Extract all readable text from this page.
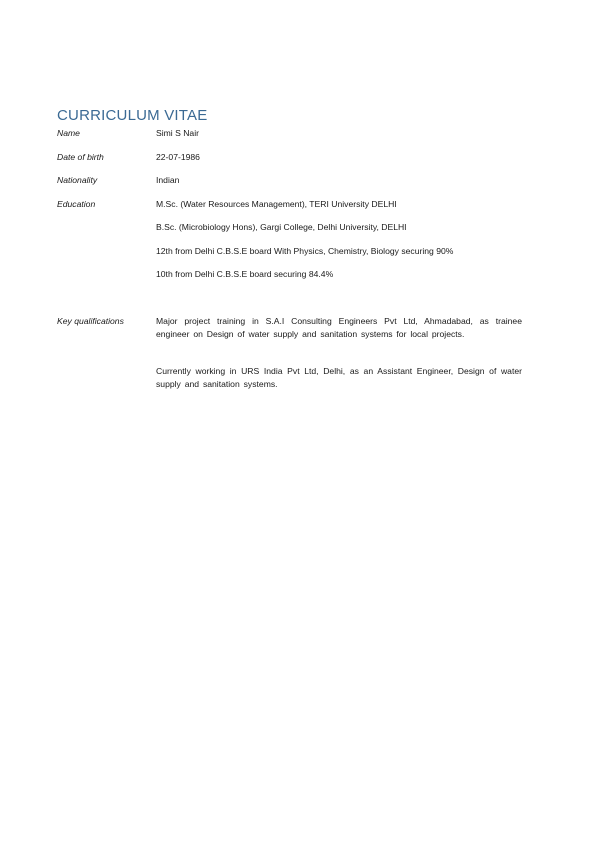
CURRICULUM VITAE
Name	Simi S Nair
Date of birth	22-07-1986
Nationality	Indian
Education	M.Sc. (Water Resources Management), TERI University DELHI
B.Sc. (Microbiology Hons), Gargi College, Delhi University, DELHI
12th from Delhi C.B.S.E board With Physics, Chemistry, Biology securing 90%
10th from Delhi C.B.S.E board securing 84.4%
Key qualifications	Major project training in S.A.I Consulting Engineers Pvt Ltd, Ahmadabad, as trainee engineer on Design of water supply and sanitation systems for local projects.
Currently working in URS India Pvt Ltd, Delhi, as an Assistant Engineer, Design of water supply and sanitation systems.
